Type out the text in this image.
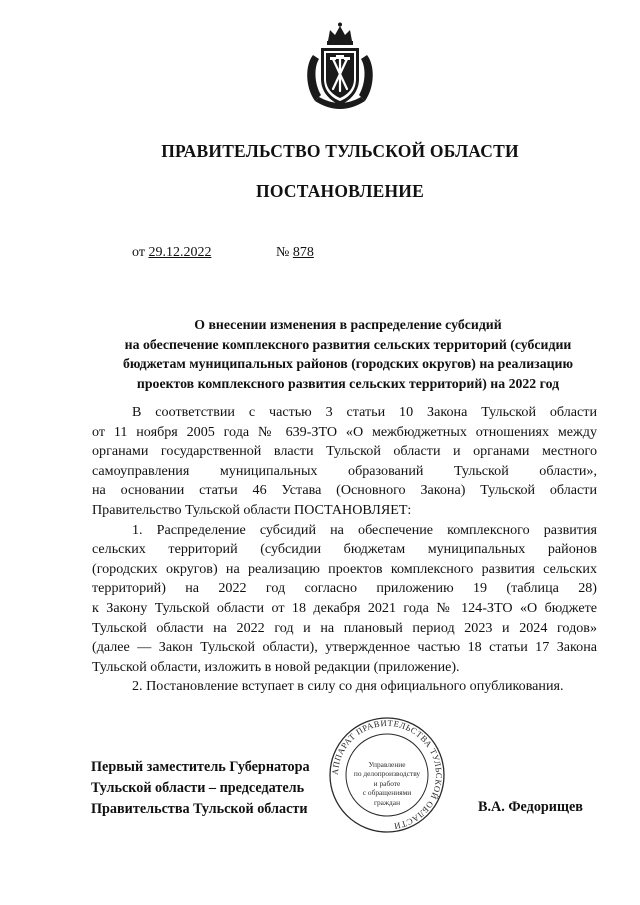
ПРАВИТЕЛЬСТВО ТУЛЬСКОЙ ОБЛАСТИ
ПОСТАНОВЛЕНИЕ
от 29.12.2022	№ 878
О внесении изменения в распределение субсидий
на обеспечение комплексного развития сельских территорий (субсидии
бюджетам муниципальных районов (городских округов) на реализацию
проектов комплексного развития сельских территорий) на 2022 год
В соответствии с частью 3 статьи 10 Закона Тульской области
от 11 ноября 2005 года № 639-ЗТО «О межбюджетных отношениях между
органами государственной власти Тульской области и органами местного
самоуправления муниципальных образований Тульской области»,
на основании статьи 46 Устава (Основного Закона) Тульской области
Правительство Тульской области ПОСТАНОВЛЯЕТ:
1. Распределение субсидий на обеспечение комплексного развития
сельских территорий (субсидии бюджетам муниципальных районов
(городских округов) на реализацию проектов комплексного развития сельских
территорий) на 2022 год согласно приложению 19 (таблица 28)
к Закону Тульской области от 18 декабря 2021 года № 124-ЗТО «О бюджете
Тульской области на 2022 год и на плановый период 2023 и 2024 годов»
(далее — Закон Тульской области), утвержденное частью 18 статьи 17 Закона
Тульской области, изложить в новой редакции (приложение).
2. Постановление вступает в силу со дня официального опубликования.
АППАРАТ ПРАВИТЕЛЬСТВА ТУЛЬСКОЙ ОБЛАСТИ
Управление
по делопроизводству
и работе
с обращениями
граждан
Первый заместитель Губернатора
Тульской области – председатель
Правительства Тульской области	В.А. Федорищев
